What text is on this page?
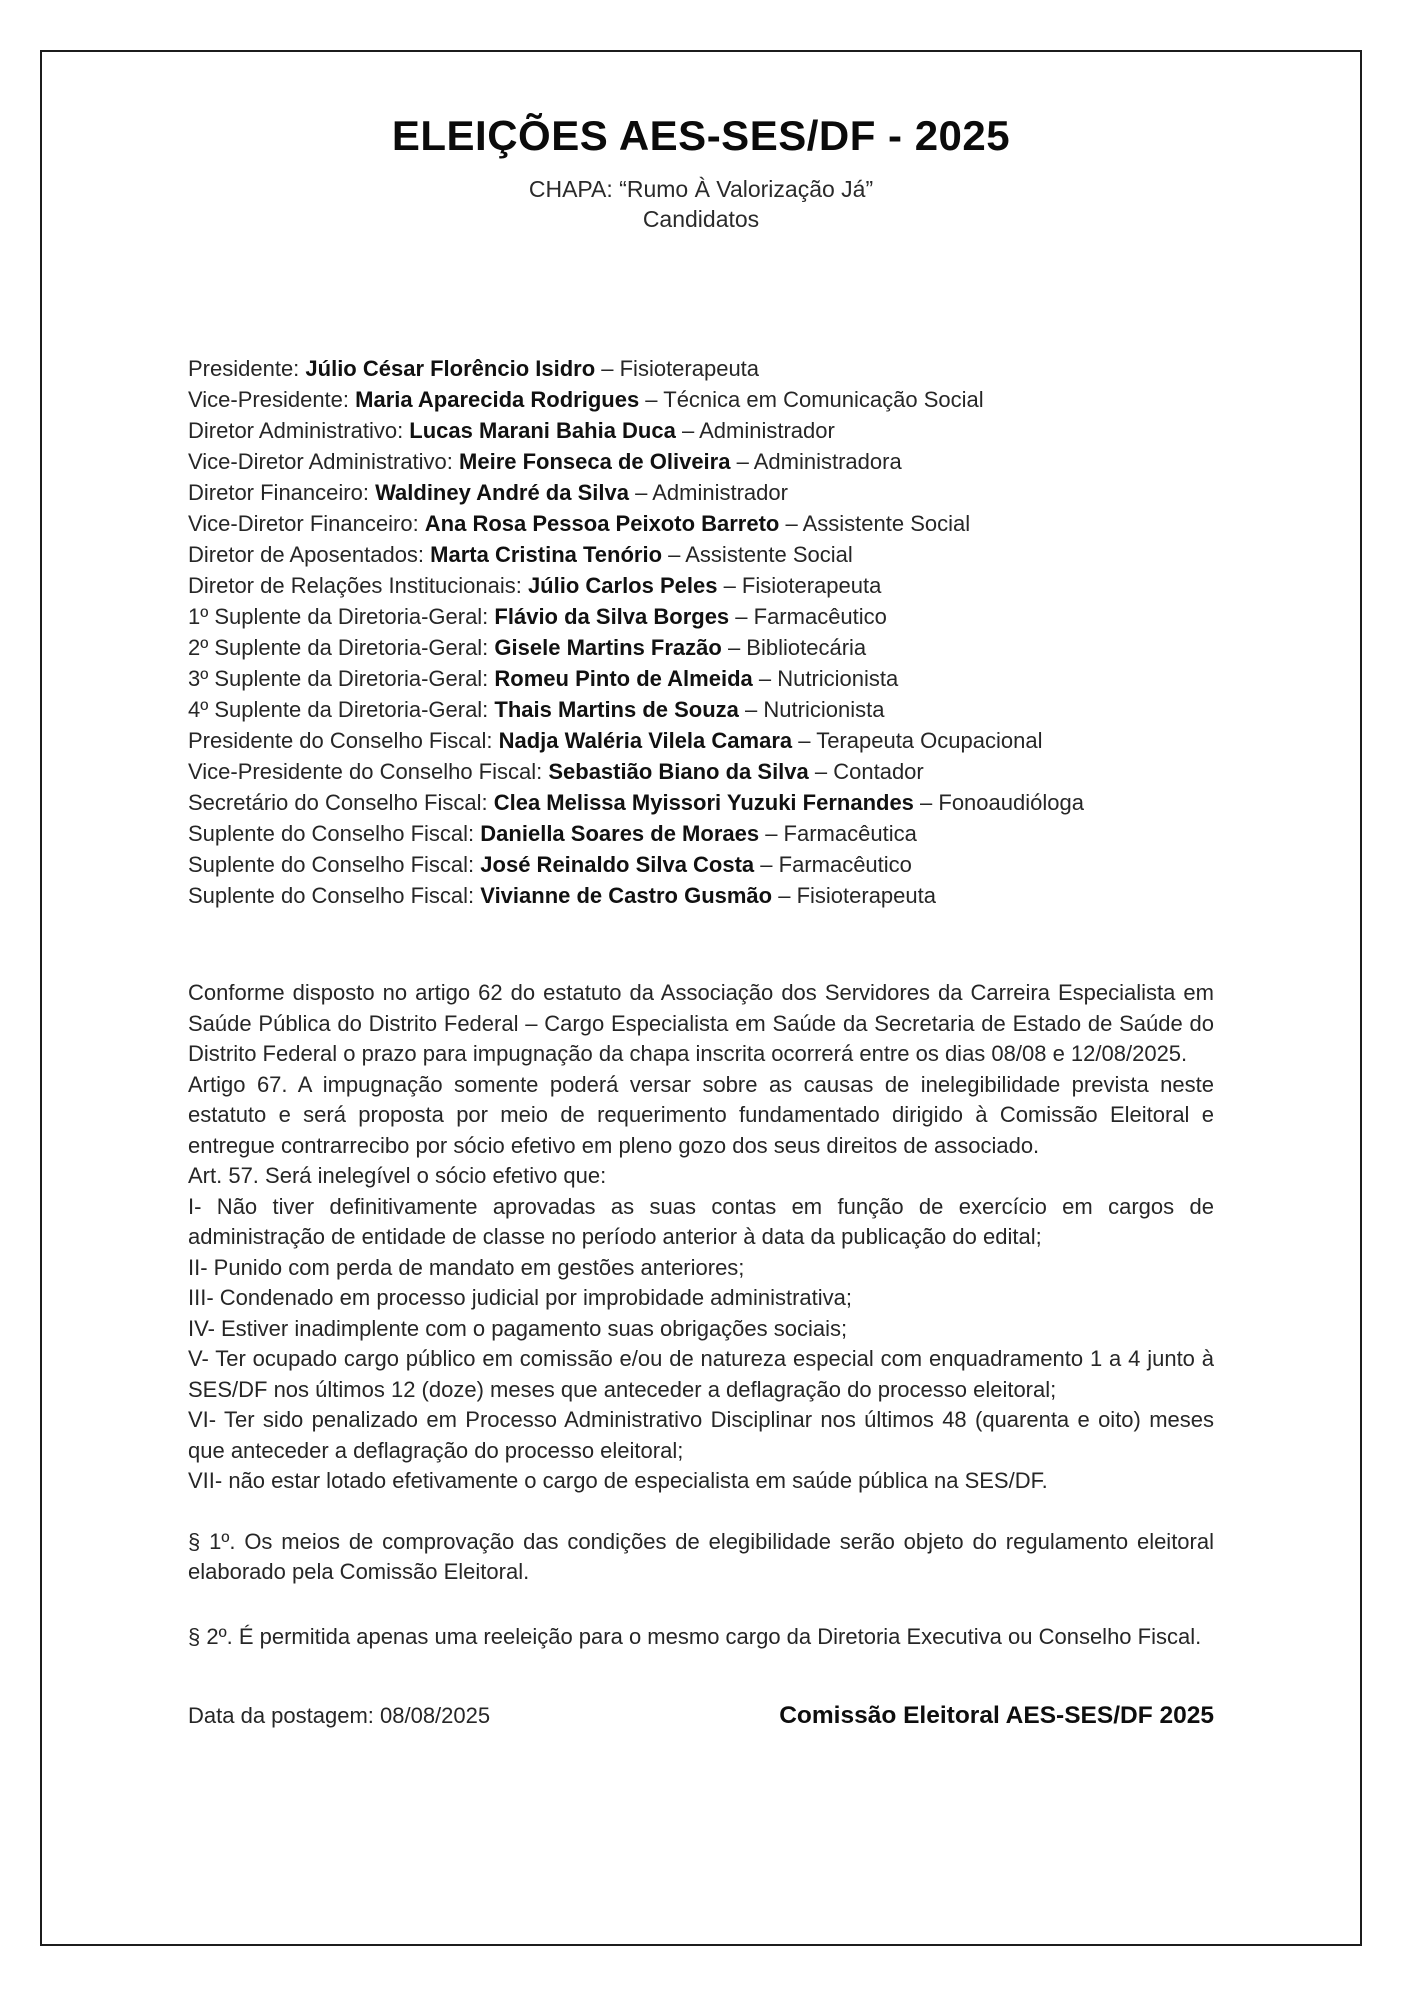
ELEIÇÕES AES-SES/DF - 2025
CHAPA: “Rumo À Valorização Já”
Candidatos
Presidente: Júlio César Florêncio Isidro – Fisioterapeuta
Vice-Presidente: Maria Aparecida Rodrigues – Técnica em Comunicação Social
Diretor Administrativo: Lucas Marani Bahia Duca – Administrador
Vice-Diretor Administrativo: Meire Fonseca de Oliveira – Administradora
Diretor Financeiro: Waldiney André da Silva – Administrador
Vice-Diretor Financeiro: Ana Rosa Pessoa Peixoto Barreto – Assistente Social
Diretor de Aposentados: Marta Cristina Tenório – Assistente Social
Diretor de Relações Institucionais: Júlio Carlos Peles – Fisioterapeuta
1º Suplente da Diretoria-Geral: Flávio da Silva Borges – Farmacêutico
2º Suplente da Diretoria-Geral: Gisele Martins Frazão – Bibliotecária
3º Suplente da Diretoria-Geral: Romeu Pinto de Almeida – Nutricionista
4º Suplente da Diretoria-Geral: Thais Martins de Souza – Nutricionista
Presidente do Conselho Fiscal: Nadja Waléria Vilela Camara – Terapeuta Ocupacional
Vice-Presidente do Conselho Fiscal: Sebastião Biano da Silva – Contador
Secretário do Conselho Fiscal: Clea Melissa Myissori Yuzuki Fernandes – Fonoaudióloga
Suplente do Conselho Fiscal: Daniella Soares de Moraes – Farmacêutica
Suplente do Conselho Fiscal: José Reinaldo Silva Costa – Farmacêutico
Suplente do Conselho Fiscal: Vivianne de Castro Gusmão – Fisioterapeuta

Conforme disposto no artigo 62 do estatuto da Associação dos Servidores da Carreira Especialista em Saúde Pública do Distrito Federal – Cargo Especialista em Saúde da Secretaria de Estado de Saúde do Distrito Federal o prazo para impugnação da chapa inscrita ocorrerá entre os dias 08/08 e 12/08/2025.

Artigo 67. A impugnação somente poderá versar sobre as causas de inelegibilidade prevista neste estatuto e será proposta por meio de requerimento fundamentado dirigido à Comissão Eleitoral e entregue contrarrecibo por sócio efetivo em pleno gozo dos seus direitos de associado.

Art. 57. Será inelegível o sócio efetivo que:

I- Não tiver definitivamente aprovadas as suas contas em função de exercício em cargos de administração de entidade de classe no período anterior à data da publicação do edital;

II- Punido com perda de mandato em gestões anteriores;

III- Condenado em processo judicial por improbidade administrativa;

IV- Estiver inadimplente com o pagamento suas obrigações sociais;

V- Ter ocupado cargo público em comissão e/ou de natureza especial com enquadramento 1 a 4 junto à SES/DF nos últimos 12 (doze) meses que anteceder a deflagração do processo eleitoral;

VI- Ter sido penalizado em Processo Administrativo Disciplinar nos últimos 48 (quarenta e oito) meses que anteceder a deflagração do processo eleitoral;

VII- não estar lotado efetivamente o cargo de especialista em saúde pública na SES/DF.

§ 1º. Os meios de comprovação das condições de elegibilidade serão objeto do regulamento eleitoral elaborado pela Comissão Eleitoral.

§ 2º. É permitida apenas uma reeleição para o mesmo cargo da Diretoria Executiva ou Conselho Fiscal.

Data da postagem: 08/08/2025	Comissão Eleitoral AES-SES/DF 2025
